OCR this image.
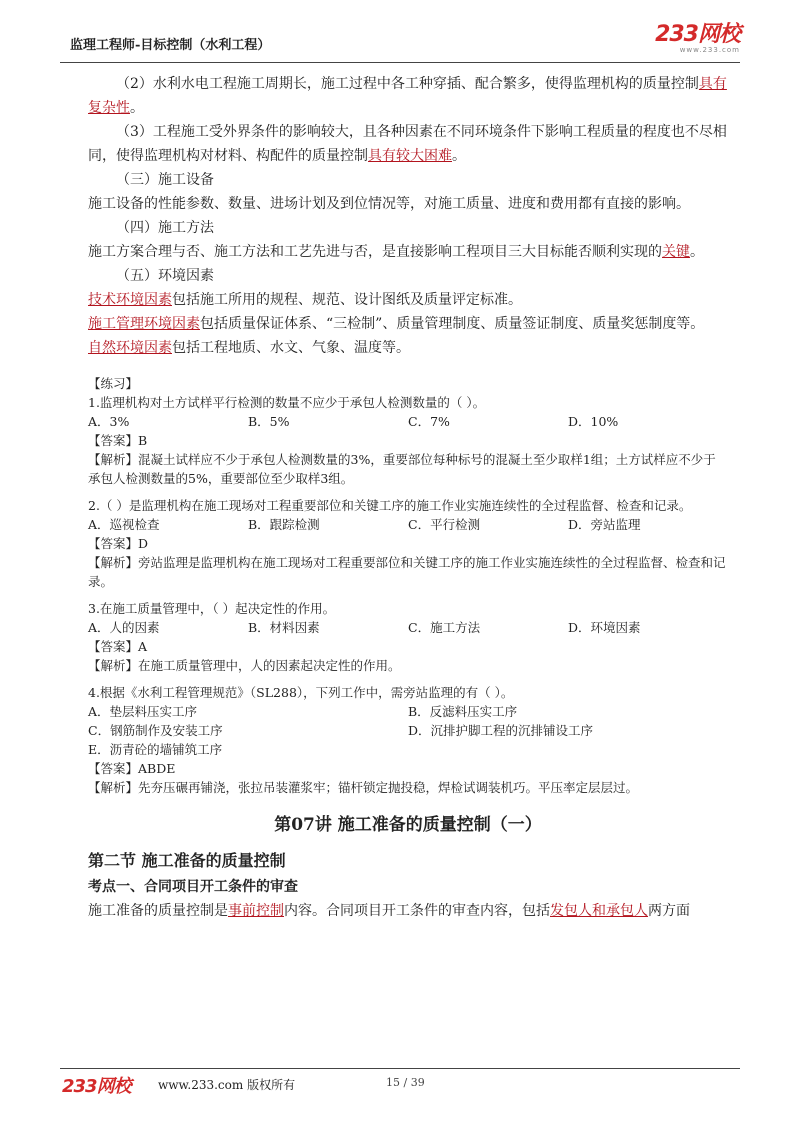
监理工程师-目标控制（水利工程）	233网校
www.233.com

（2）水利水电工程施工周期长，施工过程中各工种穿插、配合繁多，使得监理机构的质量控制具有复杂性。

（3）工程施工受外界条件的影响较大，且各种因素在不同环境条件下影响工程质量的程度也不尽相同，使得监理机构对材料、构配件的质量控制具有较大困难。

（三）施工设备

施工设备的性能参数、数量、进场计划及到位情况等，对施工质量、进度和费用都有直接的影响。

（四）施工方法

施工方案合理与否、施工方法和工艺先进与否，是直接影响工程项目三大目标能否顺利实现的关键。

（五）环境因素

技术环境因素包括施工所用的规程、规范、设计图纸及质量评定标准。

施工管理环境因素包括质量保证体系、“三检制”、质量管理制度、质量签证制度、质量奖惩制度等。

自然环境因素包括工程地质、水文、气象、温度等。

【练习】

1.监理机构对土方试样平行检测的数量不应少于承包人检测数量的（ ）。

A．3%	B．5%	C．7%	D．10%

【答案】B

【解析】混凝土试样应不少于承包人检测数量的3%，重要部位每种标号的混凝土至少取样1组；土方试样应不少于承包人检测数量的5%，重要部位至少取样3组。

2.（ ）是监理机构在施工现场对工程重要部位和关键工序的施工作业实施连续性的全过程监督、检查和记录。

A．巡视检查	B．跟踪检测	C．平行检测	D．旁站监理

【答案】D

【解析】旁站监理是监理机构在施工现场对工程重要部位和关键工序的施工作业实施连续性的全过程监督、检查和记录。

3.在施工质量管理中，（ ）起决定性的作用。

A．人的因素	B．材料因素	C．施工方法	D．环境因素

【答案】A

【解析】在施工质量管理中，人的因素起决定性的作用。

4.根据《水利工程管理规范》（SL288），下列工作中，需旁站监理的有（ ）。

A．垫层料压实工序	B．反滤料压实工序
C．钢筋制作及安装工序	D．沉排护脚工程的沉排铺设工序

E．沥青砼的墙铺筑工序

【答案】ABDE

【解析】先夯压碾再铺浇，张拉吊装灌浆牢；锚杆锁定抛投稳，焊检试调装机巧。平压率定层层过。

第07讲 施工准备的质量控制（一）

第二节 施工准备的质量控制

考点一、合同项目开工条件的审查

施工准备的质量控制是事前控制内容。合同项目开工条件的审查内容，包括发包人和承包人两方面

233网校 www.233.com 版权所有	15 / 39
